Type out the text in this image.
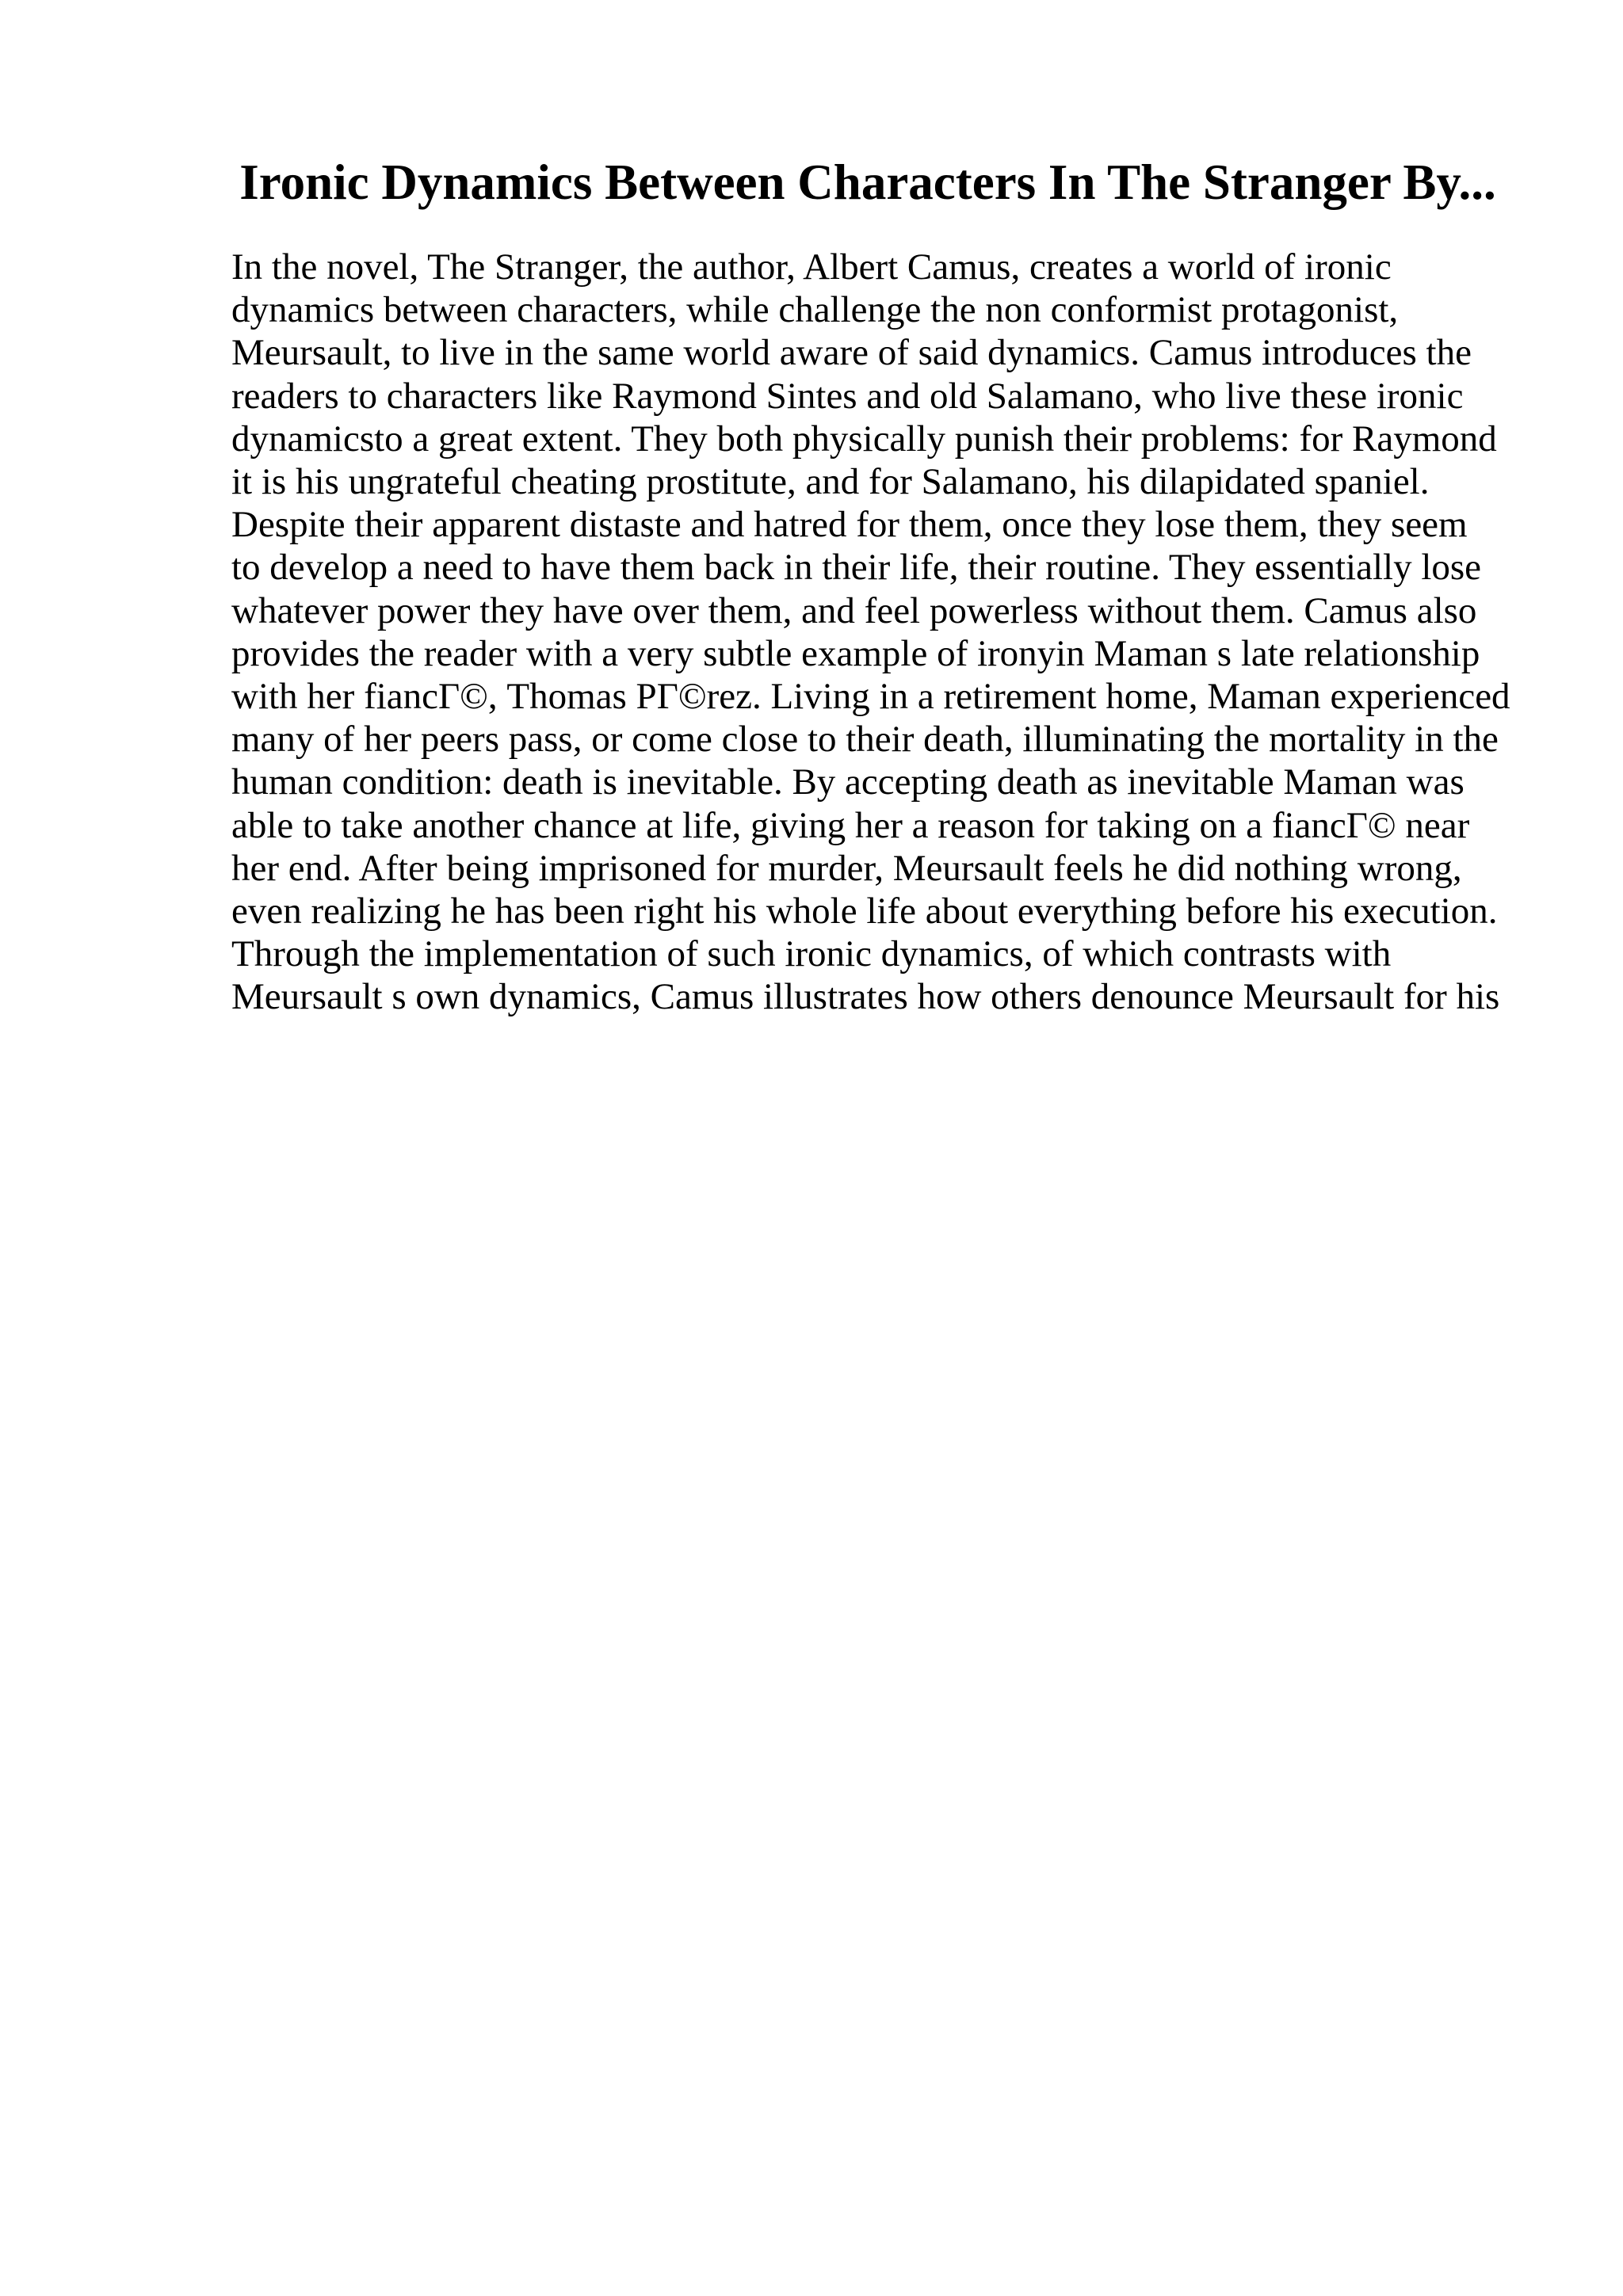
Ironic Dynamics Between Characters In The Stranger By...
In the novel, The Stranger, the author, Albert Camus, creates a world of ironic
dynamics between characters, while challenge the non conformist protagonist,
Meursault, to live in the same world aware of said dynamics. Camus introduces the
readers to characters like Raymond Sintes and old Salamano, who live these ironic
dynamicsto a great extent. They both physically punish their problems: for Raymond
it is his ungrateful cheating prostitute, and for Salamano, his dilapidated spaniel.
Despite their apparent distaste and hatred for them, once they lose them, they seem
to develop a need to have them back in their life, their routine. They essentially lose
whatever power they have over them, and feel powerless without them. Camus also
provides the reader with a very subtle example of ironyin Maman s late relationship
with her fiancГ©, Thomas PГ©rez. Living in a retirement home, Maman experienced
many of her peers pass, or come close to their death, illuminating the mortality in the
human condition: death is inevitable. By accepting death as inevitable Maman was
able to take another chance at life, giving her a reason for taking on a fiancГ© near
her end. After being imprisoned for murder, Meursault feels he did nothing wrong,
even realizing he has been right his whole life about everything before his execution.
Through the implementation of such ironic dynamics, of which contrasts with
Meursault s own dynamics, Camus illustrates how others denounce Meursault for his
